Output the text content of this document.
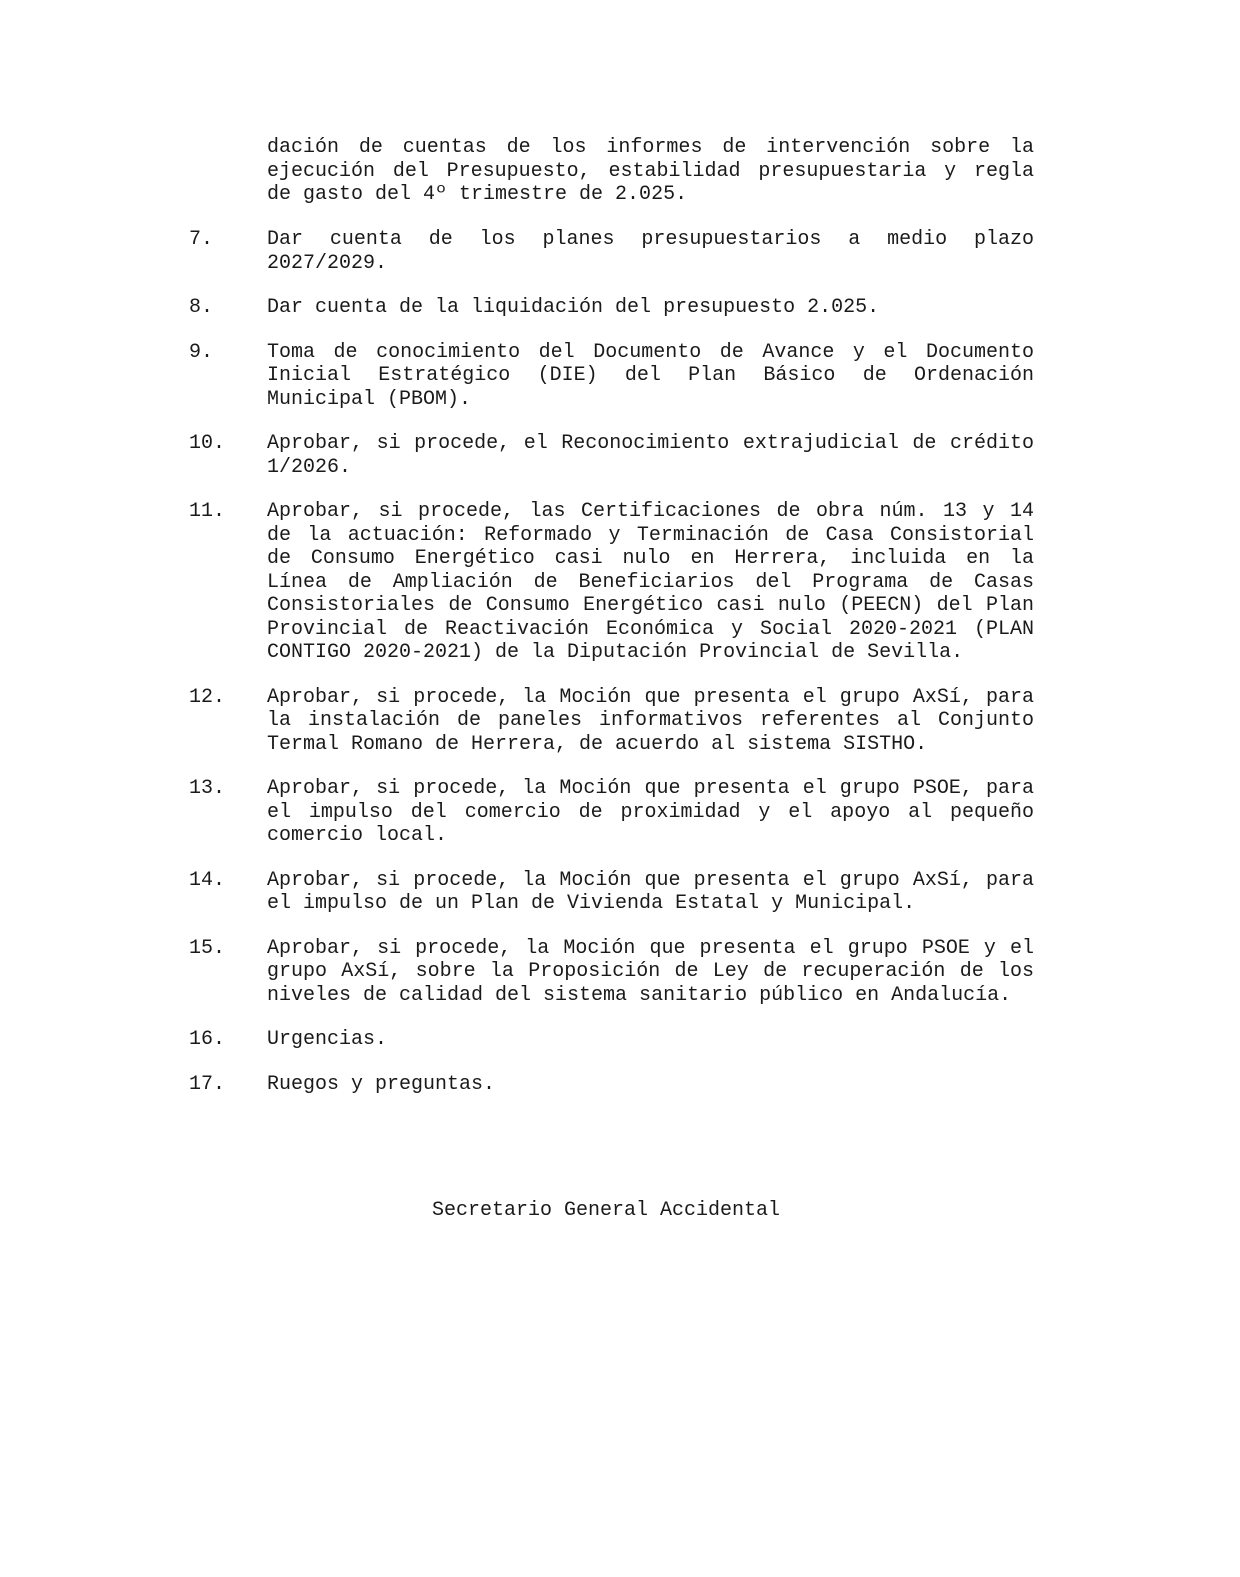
dación de cuentas de los informes de intervención sobre la ejecución del Presupuesto, estabilidad presupuestaria y regla de gasto del 4º trimestre de 2.025.

7.	Dar cuenta de los planes presupuestarios a medio plazo 2027/2029.
8.	Dar cuenta de la liquidación del presupuesto 2.025.
9.	Toma de conocimiento del Documento de Avance y el Documento Inicial Estratégico (DIE) del Plan Básico de Ordenación Municipal (PBOM).
10.	Aprobar, si procede, el Reconocimiento extrajudicial de crédito 1/2026.
11.	Aprobar, si procede, las Certificaciones de obra núm. 13 y 14 de la actuación: Reformado y Terminación de Casa Consistorial de Consumo Energético casi nulo en Herrera, incluida en la Línea de Ampliación de Beneficiarios del Programa de Casas Consistoriales de Consumo Energético casi nulo (PEECN) del Plan Provincial de Reactivación Económica y Social 2020-2021 (PLAN CONTIGO 2020-2021) de la Diputación Provincial de Sevilla.
12.	Aprobar, si procede, la Moción que presenta el grupo AxSí, para la instalación de paneles informativos referentes al Conjunto Termal Romano de Herrera, de acuerdo al sistema SISTHO.
13.	Aprobar, si procede, la Moción que presenta el grupo PSOE, para el impulso del comercio de proximidad y el apoyo al pequeño comercio local.
14.	Aprobar, si procede, la Moción que presenta el grupo AxSí, para el impulso de un Plan de Vivienda Estatal y Municipal.
15.	Aprobar, si procede, la Moción que presenta el grupo PSOE y el grupo AxSí, sobre la Proposición de Ley de recuperación de los niveles de calidad del sistema sanitario público en Andalucía.
16.	Urgencias.
17.	Ruegos y preguntas.
Secretario General Accidental
